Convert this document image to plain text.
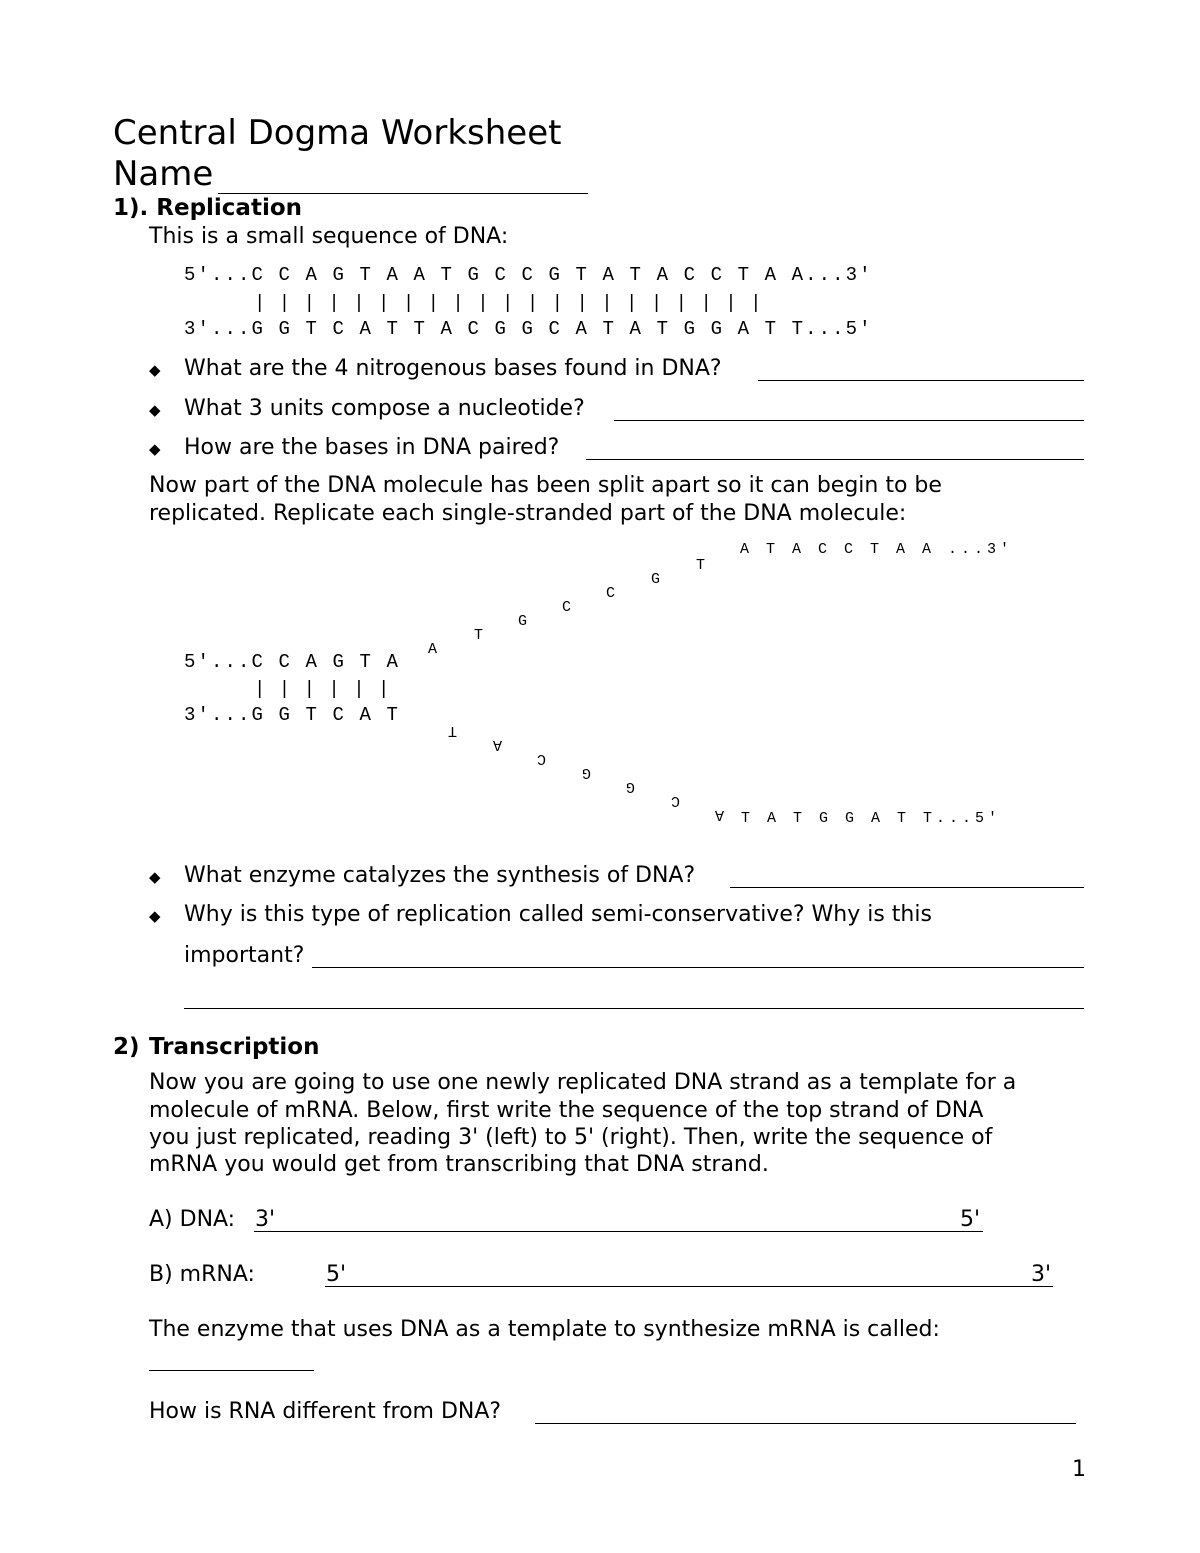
Central Dogma Worksheet
Name
1). Replication
This is a small sequence of DNA:
5'...C C A G T A A T G C C G T A T A C C T A A...3'
| | | | | | | | | | | | | | | | | | | | |
3'...G G T C A T T A C G G C A T A T G G A T T...5'
◆ What are the 4 nitrogenous bases found in DNA?
◆ What 3 units compose a nucleotide?
◆ How are the bases in DNA paired?
Now part of the DNA molecule has been split apart so it can begin to be
replicated. Replicate each single-stranded part of the DNA molecule:
A T A C C T A A ...3'
A
T
G
C
C
G
T
5'...C C A G T A
| | | | | |
3'...G G T C A T
T
A
C
G
G
C
A T A T G G A T T...5'
◆ What enzyme catalyzes the synthesis of DNA?
◆ Why is this type of replication called semi-conservative? Why is this
important?
2) Transcription
Now you are going to use one newly replicated DNA strand as a template for a
molecule of mRNA. Below, first write the sequence of the top strand of DNA
you just replicated, reading 3' (left) to 5' (right). Then, write the sequence of
mRNA you would get from transcribing that DNA strand.
A) DNA: 3'	5'
B) mRNA:	5'	3'
The enzyme that uses DNA as a template to synthesize mRNA is called:
How is RNA different from DNA?
1
